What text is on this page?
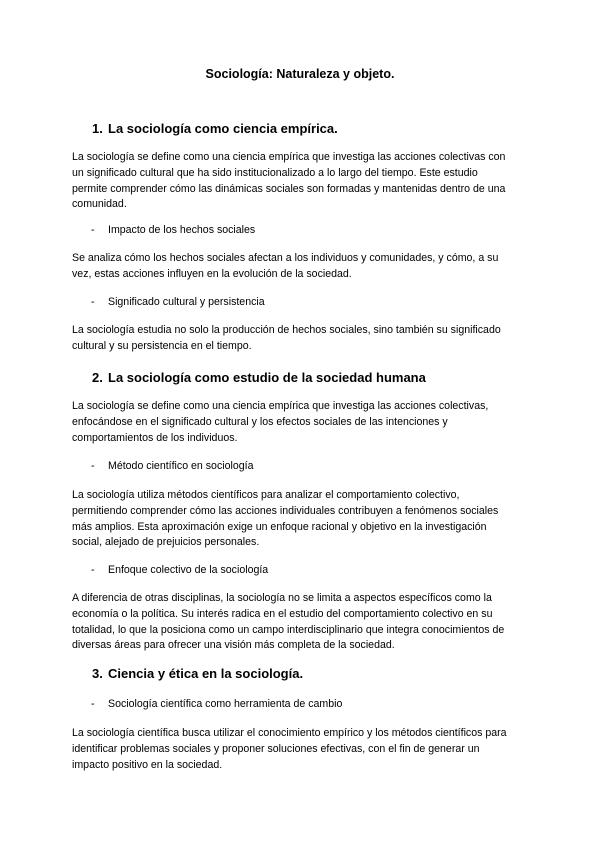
Sociología: Naturaleza y objeto.
1. La sociología como ciencia empírica.
La sociología se define como una ciencia empírica que investiga las acciones colectivas con
un significado cultural que ha sido institucionalizado a lo largo del tiempo. Este estudio
permite comprender cómo las dinámicas sociales son formadas y mantenidas dentro de una
comunidad.
- Impacto de los hechos sociales
Se analiza cómo los hechos sociales afectan a los individuos y comunidades, y cómo, a su
vez, estas acciones influyen en la evolución de la sociedad.
- Significado cultural y persistencia
La sociología estudia no solo la producción de hechos sociales, sino también su significado
cultural y su persistencia en el tiempo.
2. La sociología como estudio de la sociedad humana
La sociología se define como una ciencia empírica que investiga las acciones colectivas,
enfocándose en el significado cultural y los efectos sociales de las intenciones y
comportamientos de los individuos.
- Método científico en sociología
La sociología utiliza métodos científicos para analizar el comportamiento colectivo,
permitiendo comprender cómo las acciones individuales contribuyen a fenómenos sociales
más amplios. Esta aproximación exige un enfoque racional y objetivo en la investigación
social, alejado de prejuicios personales.
- Enfoque colectivo de la sociología
A diferencia de otras disciplinas, la sociología no se limita a aspectos específicos como la
economía o la política. Su interés radica en el estudio del comportamiento colectivo en su
totalidad, lo que la posiciona como un campo interdisciplinario que integra conocimientos de
diversas áreas para ofrecer una visión más completa de la sociedad.
3. Ciencia y ética en la sociología.
- Sociología científica como herramienta de cambio
La sociología científica busca utilizar el conocimiento empírico y los métodos científicos para
identificar problemas sociales y proponer soluciones efectivas, con el fin de generar un
impacto positivo en la sociedad.
